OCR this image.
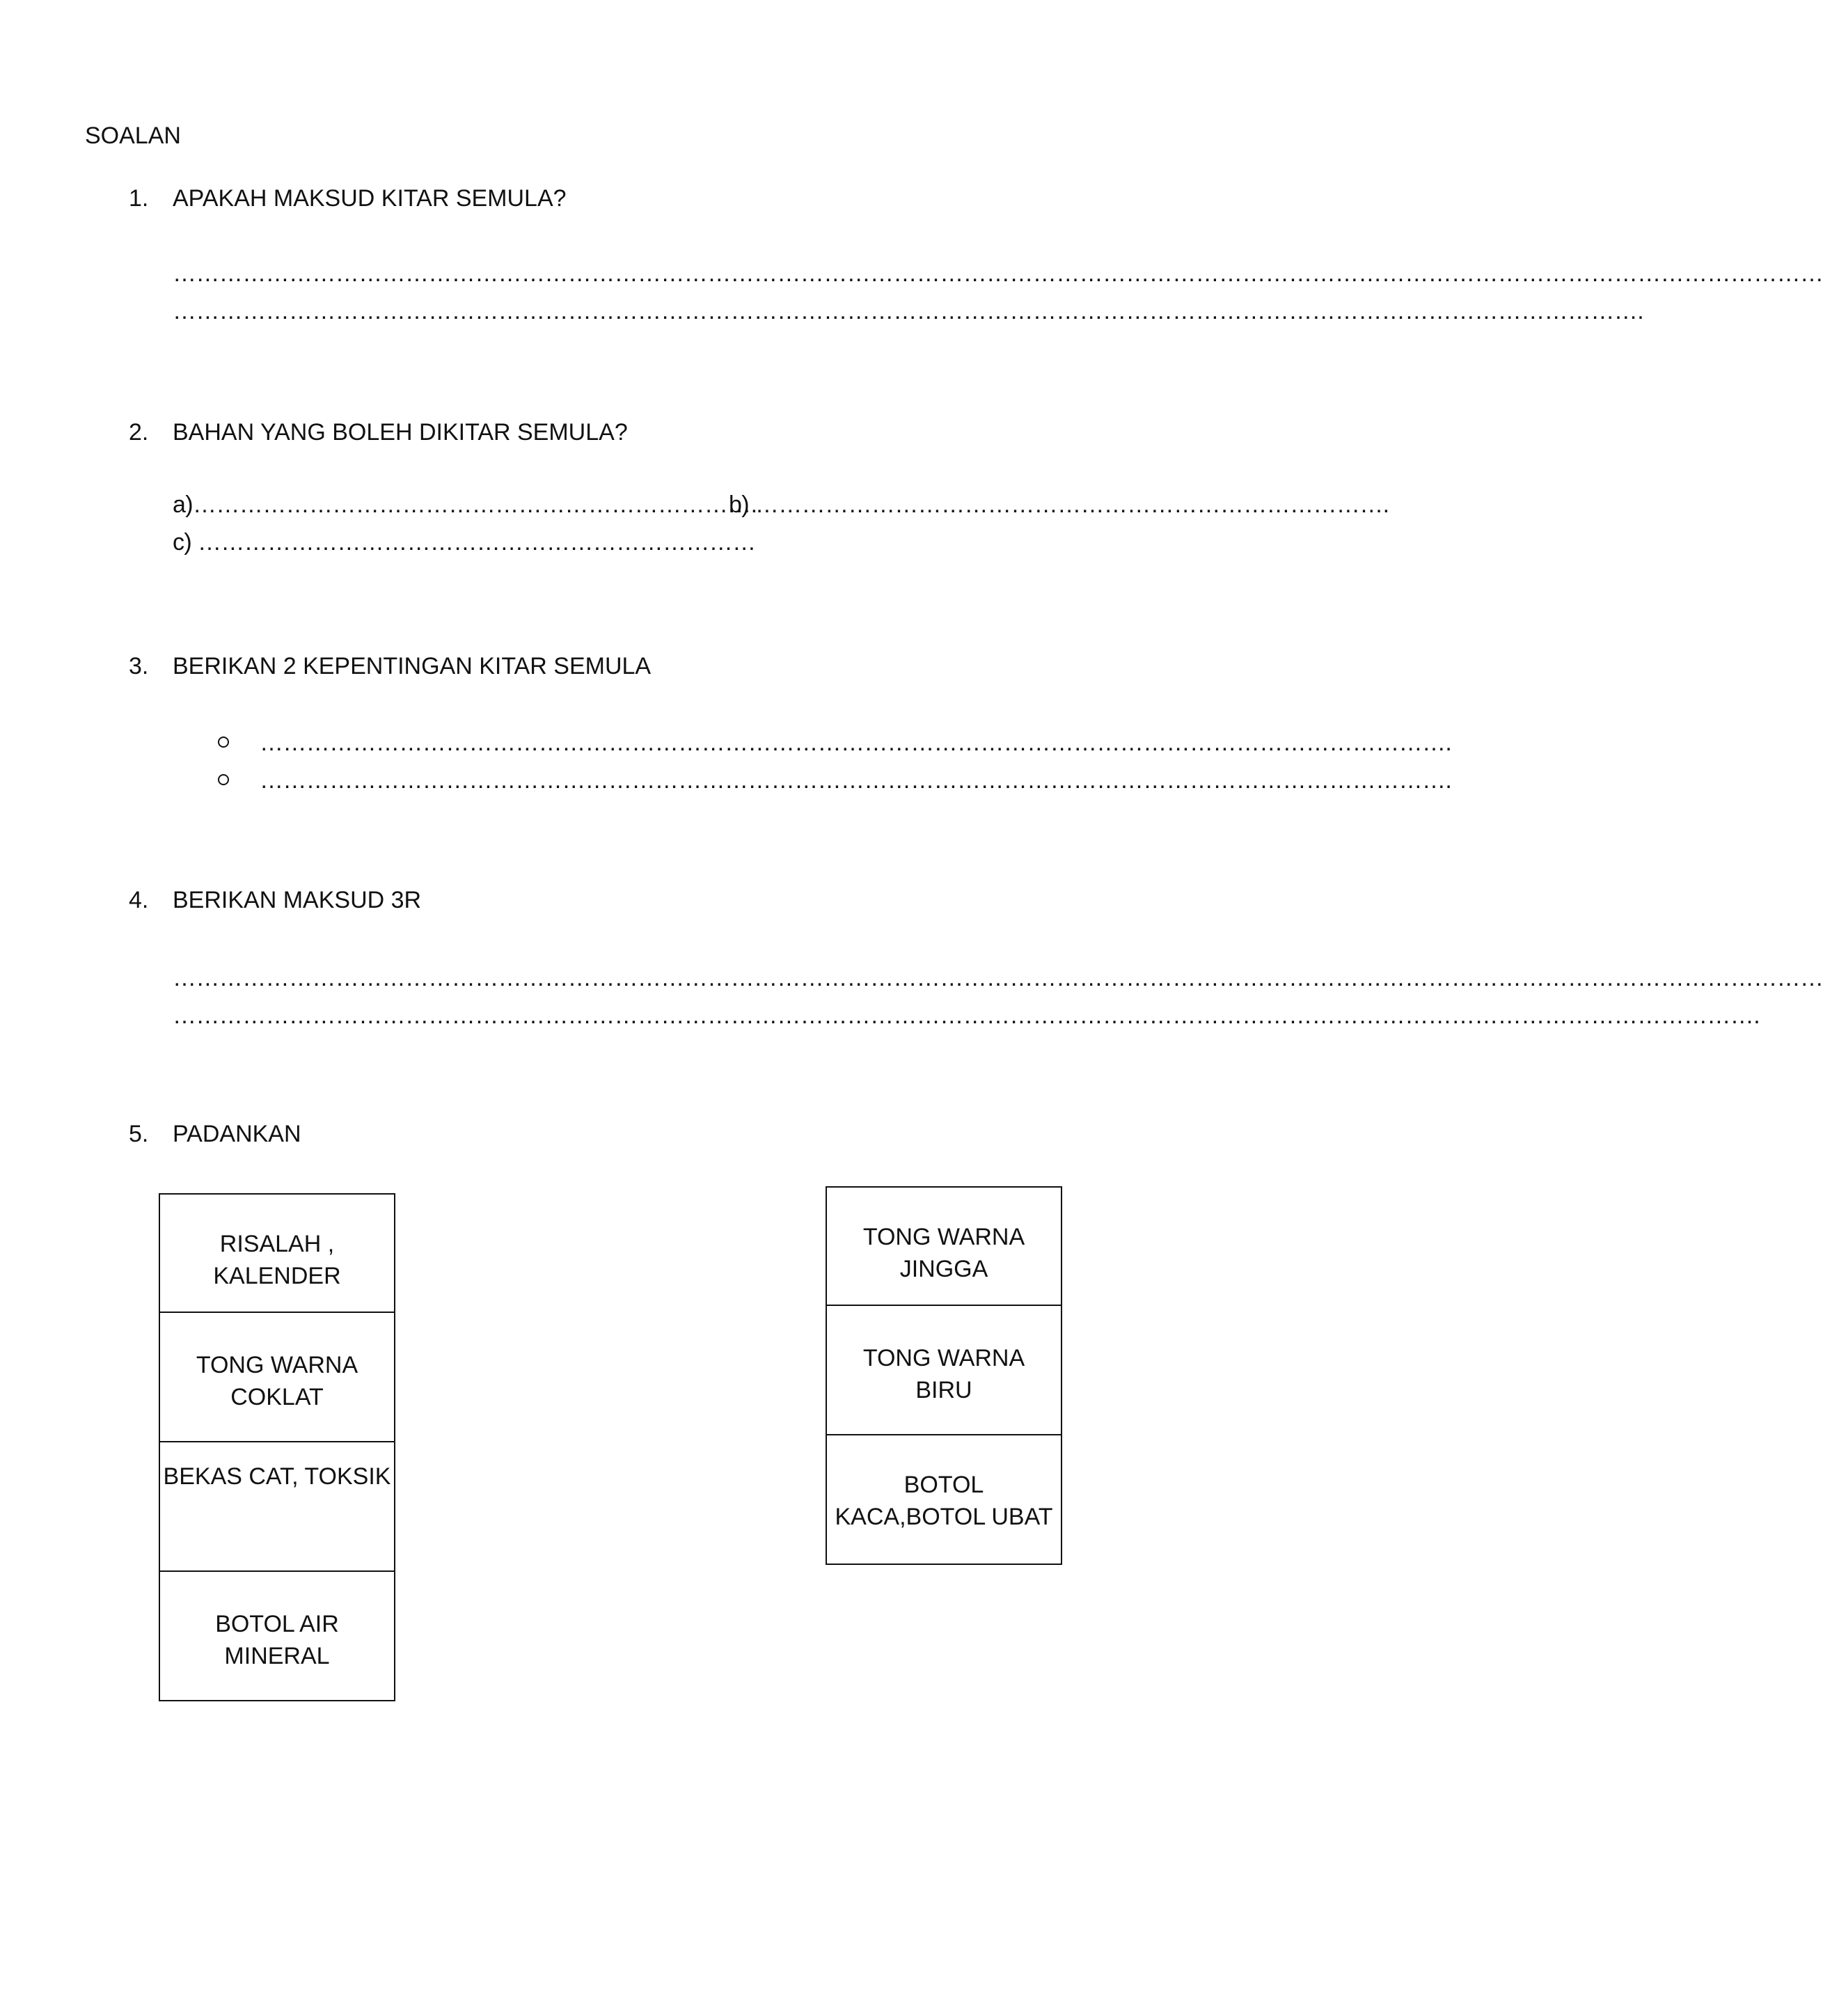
SOALAN
1. APAKAH MAKSUD KITAR SEMULA?
……………………………………………………………………………………………………………………………………………………………………………………………
……………………………………………………………………………………………………………………………………………………………………….
2. BAHAN YANG BOLEH DIKITAR SEMULA?
a)……………………………………………………………….
b) ……………………………………………………………………….
c) ………………………………………………………………
3. BERIKAN 2 KEPENTINGAN KITAR SEMULA
……………………………………………………………………………………………………………………………………….
……………………………………………………………………………………………………………………………………….
4. BERIKAN MAKSUD 3R
……………………………………………………………………………………………………………………………………………………………………………………………
…………………………………………………………………………………………………………………………………………………………………………………….
5. PADANKAN
RISALAH ,
KALENDER
TONG WARNA
COKLAT
BEKAS CAT, TOKSIK
BOTOL AIR
MINERAL
TONG WARNA
JINGGA
TONG WARNA
BIRU
BOTOL
KACA,BOTOL UBAT
